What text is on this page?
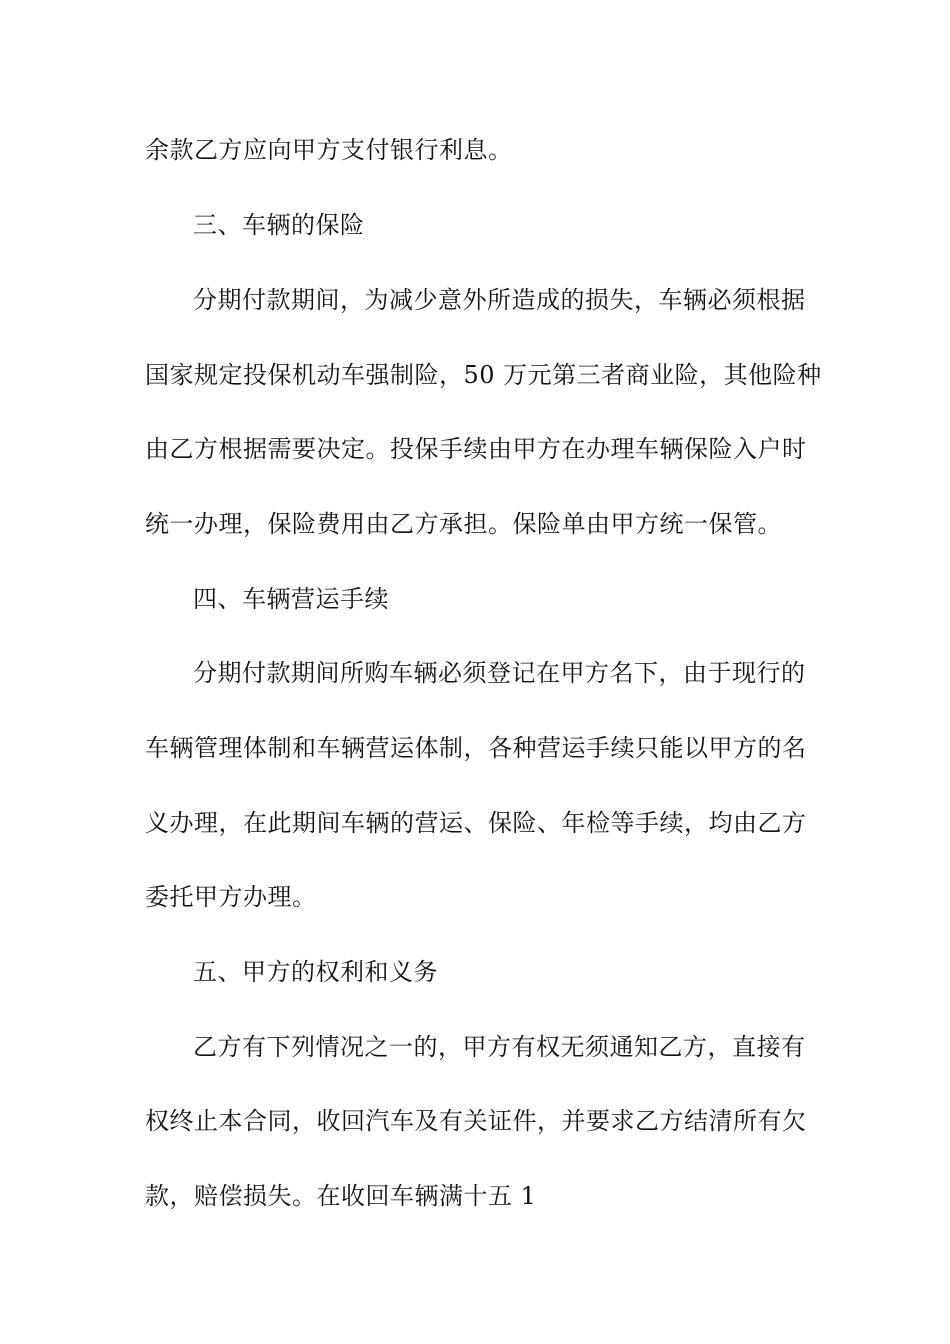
余款乙方应向甲方支付银行利息。
三、车辆的保险
分期付款期间，为减少意外所造成的损失，车辆必须根据
国家规定投保机动车强制险，50 万元第三者商业险，其他险种
由乙方根据需要决定。投保手续由甲方在办理车辆保险入户时
统一办理，保险费用由乙方承担。保险单由甲方统一保管。
四、车辆营运手续
分期付款期间所购车辆必须登记在甲方名下，由于现行的
车辆管理体制和车辆营运体制，各种营运手续只能以甲方的名
义办理，在此期间车辆的营运、保险、年检等手续，均由乙方
委托甲方办理。
五、甲方的权利和义务
乙方有下列情况之一的，甲方有权无须通知乙方，直接有
权终止本合同，收回汽车及有关证件，并要求乙方结清所有欠
款，赔偿损失。在收回车辆满十五 1
